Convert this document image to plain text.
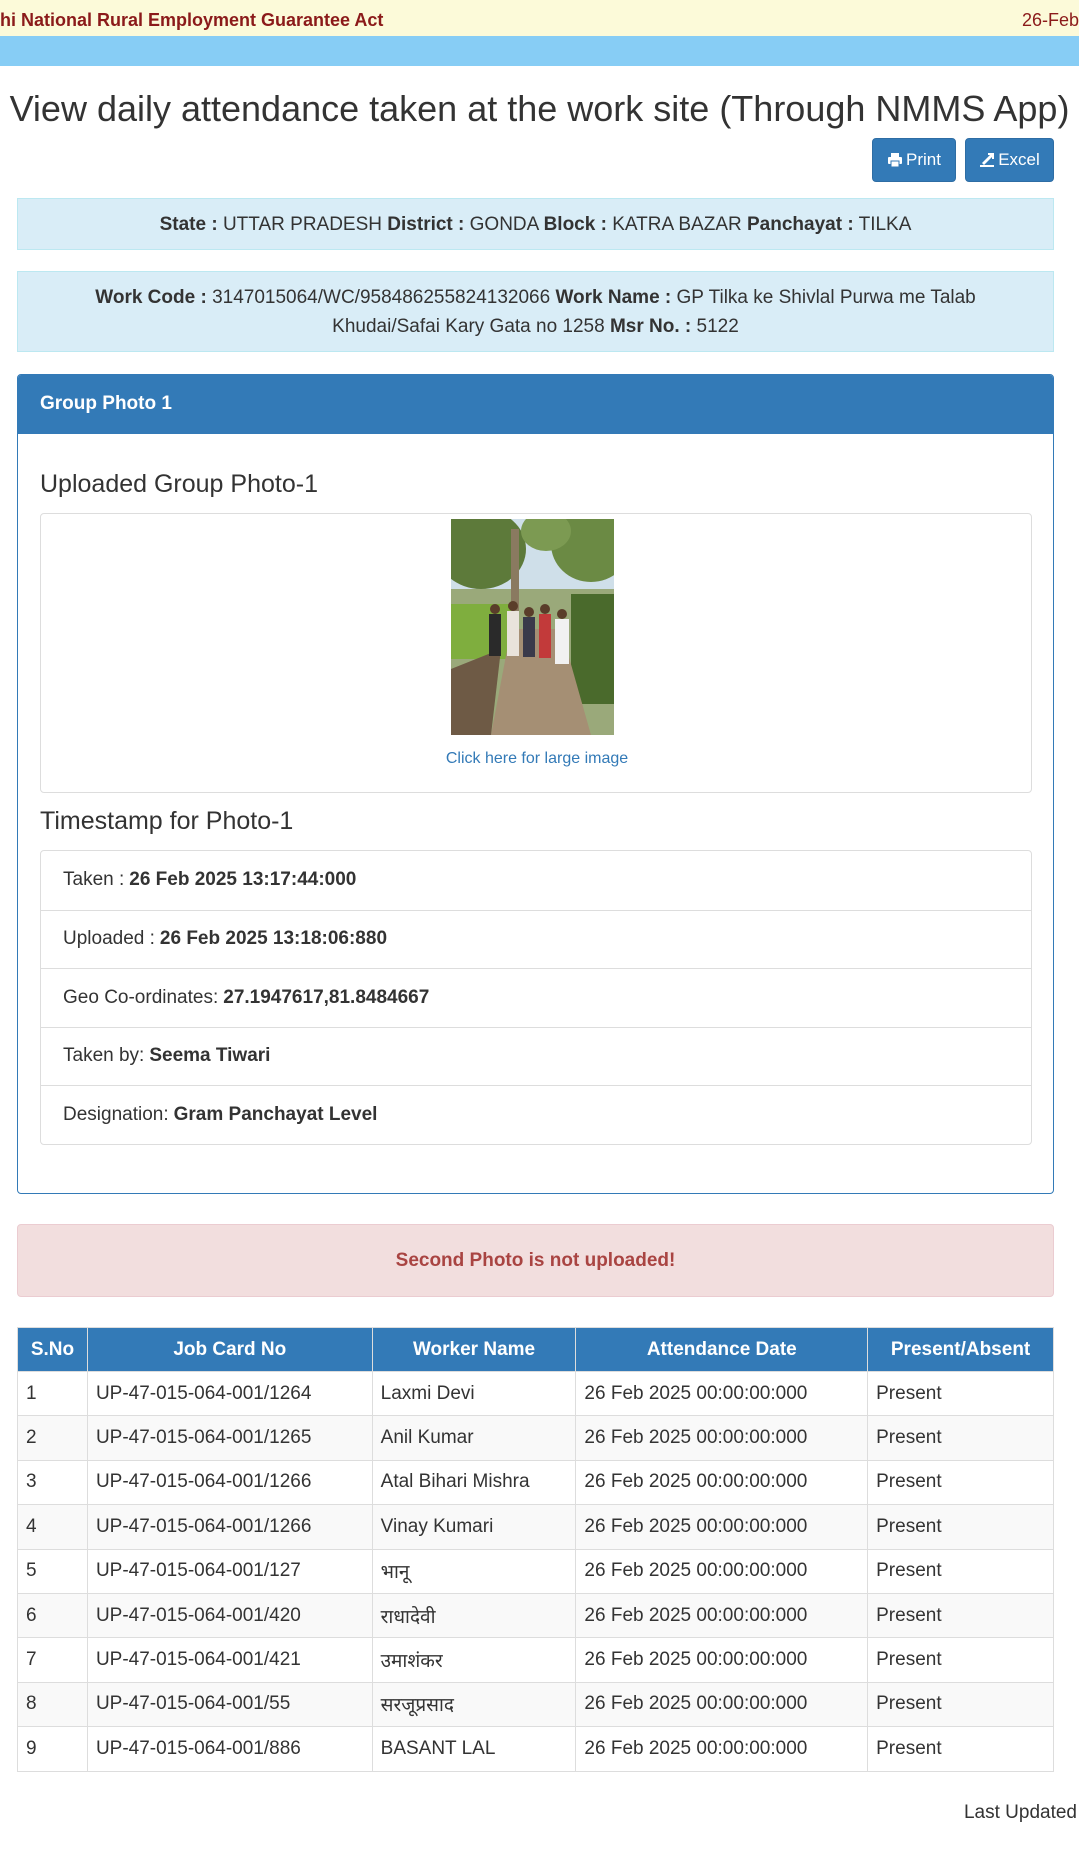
hi National Rural Employment Guarantee Act	26-Feb
View daily attendance taken at the work site (Through NMMS App)
Print	Excel
State : UTTAR PRADESH District : GONDA Block : KATRA BAZAR Panchayat : TILKA
Work Code : 3147015064/WC/958486255824132066 Work Name : GP Tilka ke Shivlal Purwa me Talab Khudai/Safai Kary Gata no 1258 Msr No. : 5122
Group Photo 1
Uploaded Group Photo-1
Click here for large image
Timestamp for Photo-1
Taken : 26 Feb 2025 13:17:44:000
Uploaded : 26 Feb 2025 13:18:06:880
Geo Co-ordinates: 27.1947617,81.8484667
Taken by: Seema Tiwari
Designation: Gram Panchayat Level
Second Photo is not uploaded!
S.No	Job Card No	Worker Name	Attendance Date	Present/Absent
1	UP-47-015-064-001/1264	Laxmi Devi	26 Feb 2025 00:00:00:000	Present
2	UP-47-015-064-001/1265	Anil Kumar	26 Feb 2025 00:00:00:000	Present
3	UP-47-015-064-001/1266	Atal Bihari Mishra	26 Feb 2025 00:00:00:000	Present
4	UP-47-015-064-001/1266	Vinay Kumari	26 Feb 2025 00:00:00:000	Present
5	UP-47-015-064-001/127	भानू	26 Feb 2025 00:00:00:000	Present
6	UP-47-015-064-001/420	राधादेवी	26 Feb 2025 00:00:00:000	Present
7	UP-47-015-064-001/421	उमाशंकर	26 Feb 2025 00:00:00:000	Present
8	UP-47-015-064-001/55	सरजूप्रसाद	26 Feb 2025 00:00:00:000	Present
9	UP-47-015-064-001/886	BASANT LAL	26 Feb 2025 00:00:00:000	Present
Last Updated
